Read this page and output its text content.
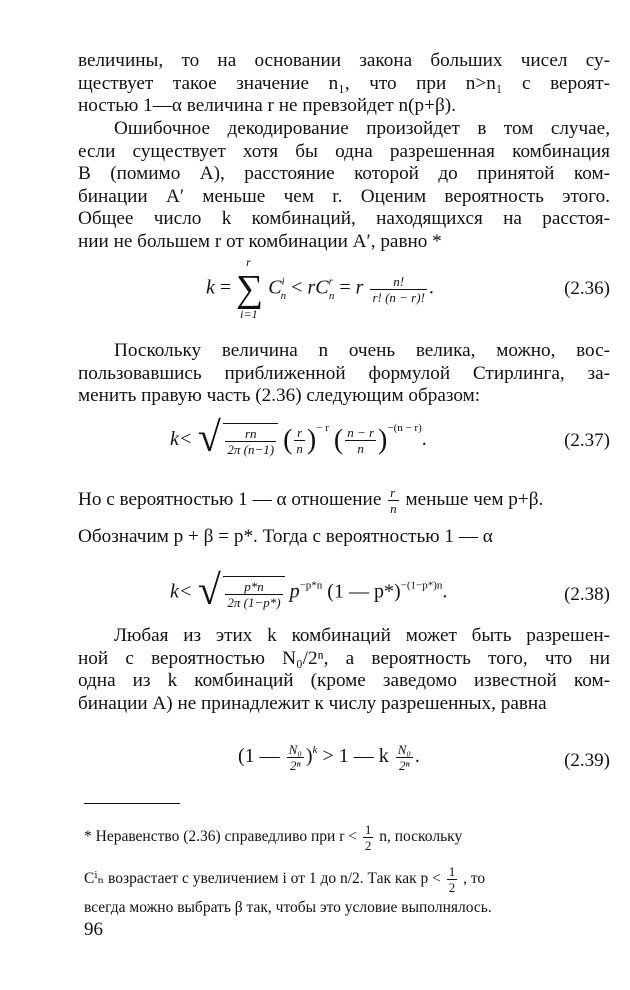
величины, то на основании закона больших чисел су-
ществует такое значение n₁, что при n>n₁ с вероят-
ностью 1—α величина r не превзойдет n(p+β).
Ошибочное декодирование произойдет в том случае,
если существует хотя бы одна разрешенная комбинация
B (помимо A), расстояние которой до принятой ком-
бинации A′ меньше чем r. Оценим вероятность этого.
Общее число k комбинаций, находящихся на расстоя-
нии не большем r от комбинации A′, равно *
k = ∑
r
i=1
$C^i_n < rC^r_n = r \frac{n!}{r! (n - r)!}$ .	(2.36)
Поскольку величина n очень велика, можно, вос-
пользовавшись приближенной формулой Стирлинга, за-
менить правую часть (2.36) следующим образом:
k< √ $\frac{rn}{2\pi (n-1)}$ ( $\frac{r}{n} )^{- r}$ ( $\frac{n - r}{n} )^{-(n - r)}$.	(2.37)
Но с вероятностью 1 — α отношение $\frac{r}{n}$ меньше чем p+β.
Обозначим p + β = p*. Тогда с вероятностью 1 — α
k< √ $\frac{p*n}{2\pi (1-p*)} p^{-p*n}$ (1 — p*)$^{-(1-p*)n}$.	(2.38)
Любая из этих k комбинаций может быть разрешен-
ной с вероятностью N₀/2ⁿ, а вероятность того, что ни
одна из k комбинаций (кроме заведомо известной ком-
бинации A) не принадлежит к числу разрешенных, равна
(1 — $\frac{\text{N₀}}{\text{2ⁿ}} )^k > 1$ — k $\frac{\text{N₀}}{\text{2ⁿ}}$ .	(2.39)
* Неравенство (2.36) справедливо при $r < \frac{1}{2} n$, поскольку
Cⁱₙ возрастает с увеличением i от 1 до n/2. Так как $p < \frac{1}{2}$ , то
всегда можно выбрать β так, чтобы это условие выполнялось.
96
